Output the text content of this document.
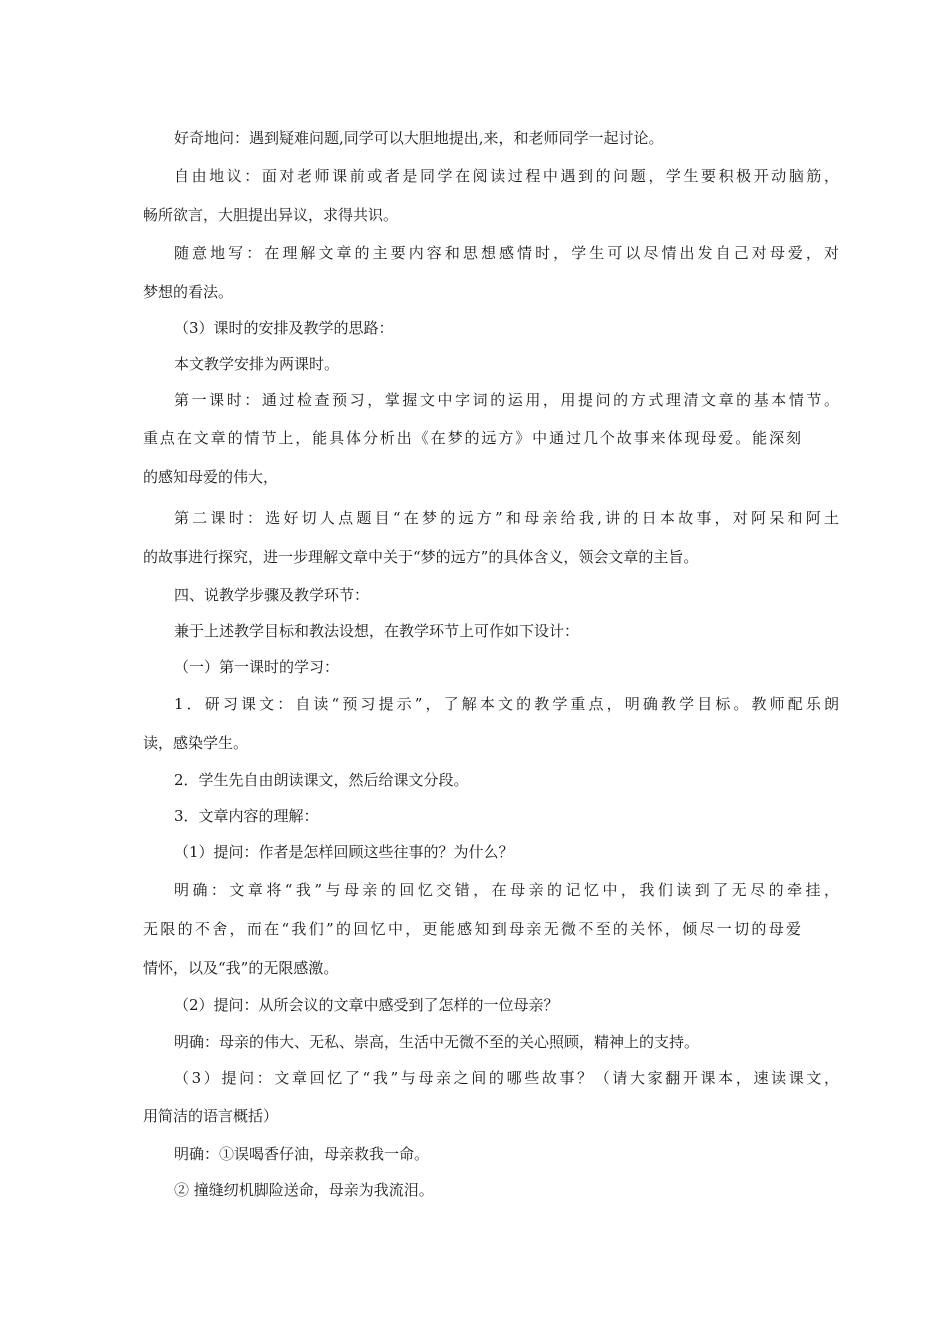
好奇地问：遇到疑难问题,同学可以大胆地提出,来，和老师同学一起讨论。
自由地议：面对老师课前或者是同学在阅读过程中遇到的问题，学生要积极开动脑筋，
畅所欲言，大胆提出异议，求得共识。
随意地写：在理解文章的主要内容和思想感情时，学生可以尽情出发自己对母爱，对
梦想的看法。
（3）课时的安排及教学的思路：
本文教学安排为两课时。
第一课时：通过检查预习，掌握文中字词的运用，用提问的方式理清文章的基本情节。
重点在文章的情节上，能具体分析出《在梦的远方》中通过几个故事来体现母爱。能深刻
的感知母爱的伟大，
第二课时：选好切人点题目“在梦的远方”和母亲给我,讲的日本故事，对阿呆和阿土
的故事进行探究，进一步理解文章中关于“梦的远方”的具体含义，领会文章的主旨。
四、说教学步骤及教学环节：
兼于上述教学目标和教法设想，在教学环节上可作如下设计：
（一）第一课时的学习：
1．研习课文：自读“预习提示”，了解本文的教学重点，明确教学目标。教师配乐朗
读，感染学生。
2．学生先自由朗读课文，然后给课文分段。
3．文章内容的理解：
（1）提问：作者是怎样回顾这些往事的？为什么？
明确：文章将“我”与母亲的回忆交错，在母亲的记忆中，我们读到了无尽的牵挂，
无限的不舍，而在“我们”的回忆中，更能感知到母亲无微不至的关怀，倾尽一切的母爱
情怀，以及“我”的无限感激。
（2）提问：从所会议的文章中感受到了怎样的一位母亲？
明确：母亲的伟大、无私、崇高，生活中无微不至的关心照顾，精神上的支持。
（3）提问：文章回忆了“我”与母亲之间的哪些故事？（请大家翻开课本，速读课文，
用简洁的语言概括）
明确：①误喝香仔油，母亲救我一命。
② 撞缝纫机脚险送命，母亲为我流泪。
